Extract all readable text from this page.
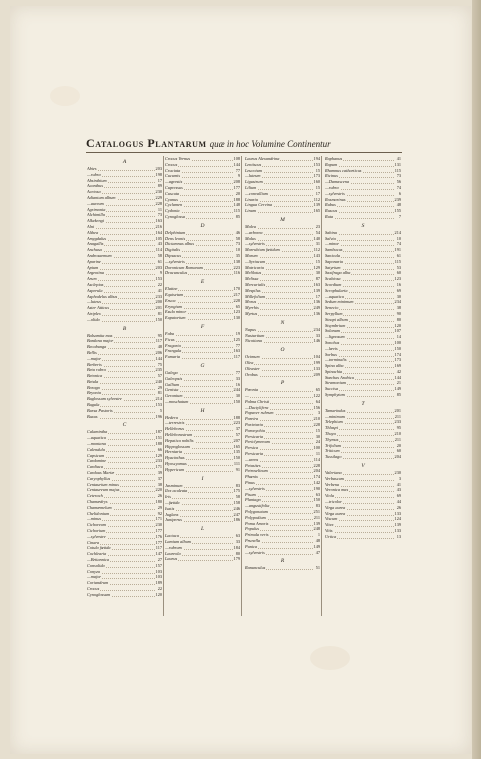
Catalogus Plantarum quæ in hoc Volumine Continentur
A
Abies	203
—rubra	198
Absinthium	17
Acanthus	89
Acetosa	230
Adiantum album	229
—aureum	228
Agrimonia	11
Alchimilla	73
Alkekengi	163
Alni	216
Althea	164
Amygdalus	105
Anagallis	43
Anchusa	114
Androsaemum	58
Aparine	61
Apium	203
Argentina	9
Arum	153
Asclepias	22
Asperula	41
Asphodelus albus	233
—luteus	200
Aster Atticus	201
Atriplex	81
—olida	150
B
Balsamita mas	95
Bardana major	117
Becabunga	48
Bellis	206
—major	144
Berberis	75
Beta rubra	235
Betonica	57
Betula	240
Borago	29
Bryonia	81
Buglossum sylvestre	214
Bugula	153
Bursa Pastoris	5
Buxus	196
C
Calamintha	187
—aquatica	151
—montana	188
Calendula	66
Capsicum	129
Cardamine	233
Cardiaca	171
Carduus Mariæ	39
Caryophyllus	37
Centaurium minus	38
Centaureum majus	220
Ceterach	26
Chamædrys	180
Chamæmelum	29
Chelidonium	92
—minus	171
Cichoreum	230
Cichorium	177
—sylvestre	176
Cinara	177
Cotula fœtida	117
Cochlearia	147
—Britannica	27
Consolida	157
Conyza	103
—major	103
Coriandrum	189
Crocus	22
Cynoglossum	120
Crocus Vernus	108
Crocus	144
Cruciata	77
Cucumis	9
—agrestis	208
Cupressus	177
Cuscuta	20
Cyanus	188
Cyclamen	148
Cydonia	115
Cynoglossa	85
D
Delphinium	46
Dens leonis	58
Dictamnus albus	73
Digitalis	10
Dipsacus	35
—sylvestris	138
Doronicum Romanum	223
Dracunculus	116
E
Elatine	170
Equisetum	217
Eruca	228
Eryngium	65
Esula minor	123
Eupatorium	130
F
Faba	19
Ficus	125
Fragaria	77
Frangula	163
Fumaria	117
G
Galega	77
Galeopsis	33
Gallium	16
Genista	244
Geranium	30
—moschatum	150
H
Hedera	188
—terrestris	223
Helleborus	37
Helleborastrum	57
Hepatica nobilis	207
Hippoglossum	165
Herniaria	135
Hyacinthus	150
Hyoscyamus	111
Hypericum	91
I
Jasminum	83
Ilex aculeata	175
Iris	58
—fœtida	158
Isatis	246
Juglans	247
Juniperus	186
L
Lactuca	63
Lamium album	33
—rubrum	184
Laureola	80
Laurus	179
Laurus Alexandrina	194
Lentiscus	153
Leucoium	15
—luteum	173
Ligustrum	160
Lilium	15
—convallium	17
Linaria	112
Lingua Cervina	139
Linum	165
M
Malva	23
—arborea	54
Malus	140
—sylvestris	31
Marrubium fœtidum	112
Marum	143
—Syriacum	15
Matricaria	129
Melilotus	30
Melissa	87
Mercurialis	163
Mespilus	139
Millefolium	17
Morus	136
Myrrhis	249
Myrtus	136
N
Napus	234
Nasturtium	33
Nicotiana	146
O
Ocimum	104
Olea	199
Oleaster	133
Orobus	209
P
Pæonia	65
—	122
Palma Christi	64
—Dactylifera	156
Papaver rubrum	3
Pareira	210
Parietaria	228
Paronychia	15
Persicaria	30
Periclymenum	24
Persica	100
Persicaria	11
—urens	114
Petasites	228
Petroselinum	204
Phœnix	174
Pinus	142
—sylvestris	190
Pisum	63
Plantago	150
—angustifolia	83
Polygonatum	251
Polypodium	211
Poma Amoris	139
Populus	248
Primula veris	1
Prunella	48
Punica	149
—sylvestris	47
R
Ranunculus	51
Raphanus	41
Rapum	131
Rhamnus catharticus	115
Ricinus	73
—Damascena	56
—rubra	74
—sylvestris	6
Rosmarinus	239
Rubus	48
Ruscus	155
Ruta	7
S
Sabina	214
Salvia	10
—minor	74
Sambucus	191
Sanicula	61
Saponaria	115
Satyrium	53
Saxifraga alba	60
Scabiosa	123
Scordium	16
Scrophularia	69
—aquatica	30
Sedum minimum	234
Senecio	38
Serpyllum	90
Sinapi album	80
Sisymbrium	120
Solanum	107
—lignosum	14
Sonchus	100
—lævis	150
Sorbus	174
—torminalis	173
Spina alba	169
Spinachia	42
Stœchas Arabica	144
Stramonium	21
Succisa	149
Symphytum	85
T
Tamarindus	201
—minimum	211
Telephium	233
Thlaspi	95
Thuya	210
Thymus	211
Trifolium	20
Triticum	60
Tussilago	204
V
Valeriana	230
Verbascum	3
Verbena	41
Veronica mas	43
Viola	69
—tricolor	44
Virga aurea	26
Virga aurea	133
Viscum	124
Vitex	139
Vitis	133
Urtica	13
